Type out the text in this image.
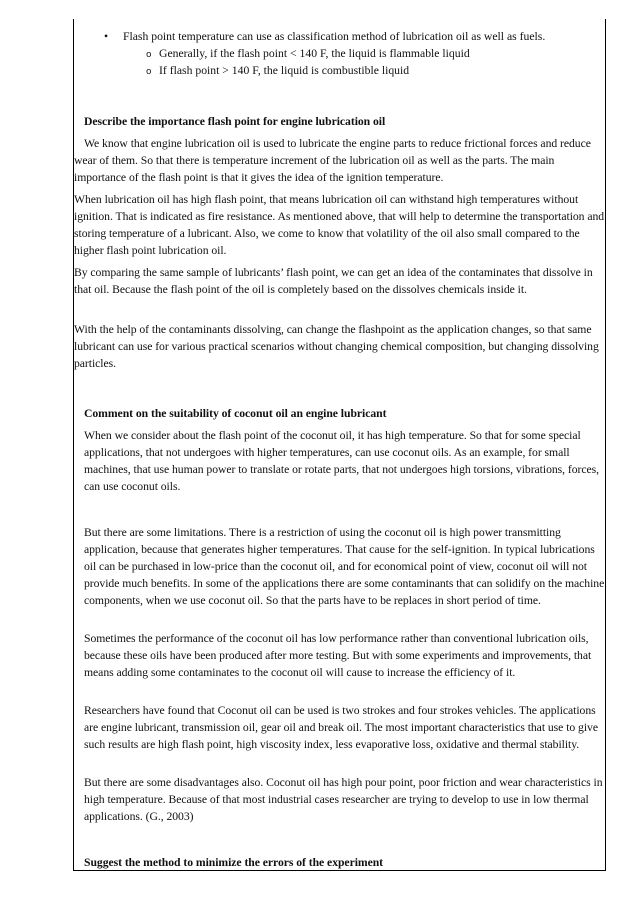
• Flash point temperature can use as classification method of lubrication oil as well as fuels.
o Generally, if the flash point < 140 F, the liquid is flammable liquid
o If flash point > 140 F, the liquid is combustible liquid

Describe the importance flash point for engine lubrication oil

We know that engine lubrication oil is used to lubricate the engine parts to reduce frictional forces and reduce wear of them. So that there is temperature increment of the lubrication oil as well as the parts. The main importance of the flash point is that it gives the idea of the ignition temperature.

When lubrication oil has high flash point, that means lubrication oil can withstand high temperatures without ignition. That is indicated as fire resistance. As mentioned above, that will help to determine the transportation and storing temperature of a lubricant. Also, we come to know that volatility of the oil also small compared to the higher flash point lubrication oil.

By comparing the same sample of lubricants’ flash point, we can get an idea of the contaminates that dissolve in that oil. Because the flash point of the oil is completely based on the dissolves chemicals inside it.

With the help of the contaminants dissolving, can change the flashpoint as the application changes, so that same lubricant can use for various practical scenarios without changing chemical composition, but changing dissolving particles.

Comment on the suitability of coconut oil an engine lubricant

When we consider about the flash point of the coconut oil, it has high temperature. So that for some special applications, that not undergoes with higher temperatures, can use coconut oils. As an example, for small machines, that use human power to translate or rotate parts, that not undergoes high torsions, vibrations, forces, can use coconut oils.

But there are some limitations. There is a restriction of using the coconut oil is high power transmitting application, because that generates higher temperatures. That cause for the self-ignition. In typical lubrications oil can be purchased in low-price than the coconut oil, and for economical point of view, coconut oil will not provide much benefits. In some of the applications there are some contaminants that can solidify on the machine components, when we use coconut oil. So that the parts have to be replaces in short period of time.

Sometimes the performance of the coconut oil has low performance rather than conventional lubrication oils, because these oils have been produced after more testing. But with some experiments and improvements, that means adding some contaminates to the coconut oil will cause to increase the efficiency of it.

Researchers have found that Coconut oil can be used is two strokes and four strokes vehicles. The applications are engine lubricant, transmission oil, gear oil and break oil. The most important characteristics that use to give such results are high flash point, high viscosity index, less evaporative loss, oxidative and thermal stability.

But there are some disadvantages also. Coconut oil has high pour point, poor friction and wear characteristics in high temperature. Because of that most industrial cases researcher are trying to develop to use in low thermal applications. (G., 2003)

Suggest the method to minimize the errors of the experiment
